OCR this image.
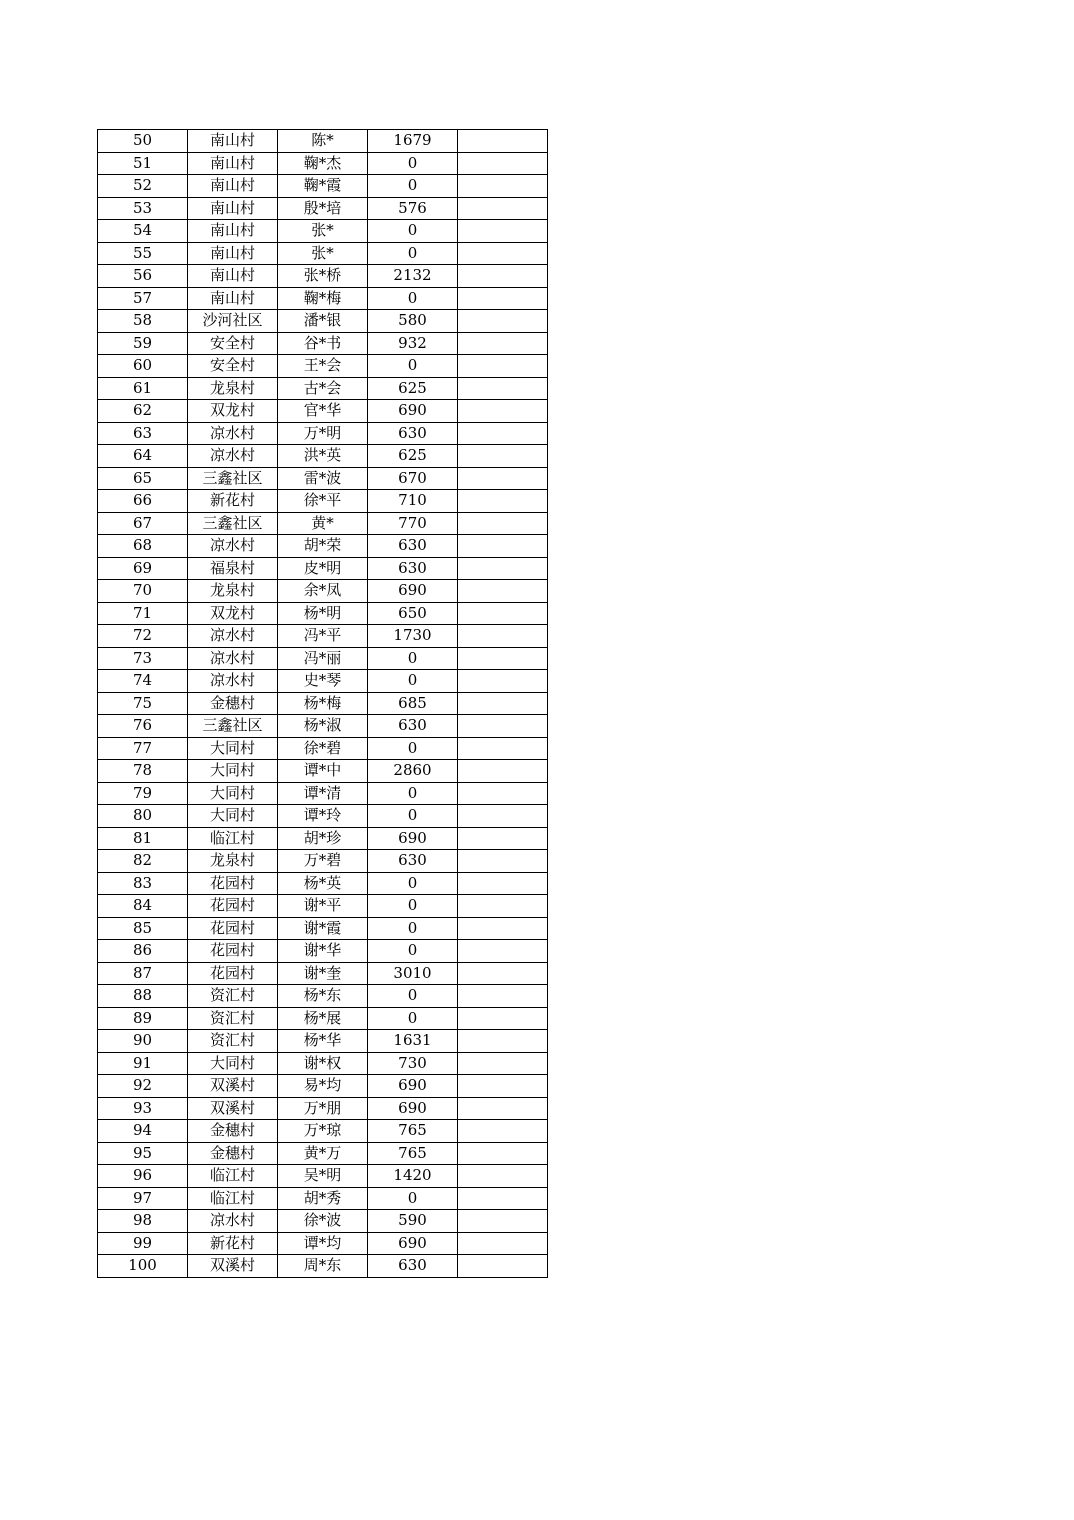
50	南山村	陈*	1679	
51	南山村	鞠*杰	0	
52	南山村	鞠*霞	0	
53	南山村	殷*培	576	
54	南山村	张*	0	
55	南山村	张*	0	
56	南山村	张*桥	2132	
57	南山村	鞠*梅	0	
58	沙河社区	潘*银	580	
59	安全村	谷*书	932	
60	安全村	王*会	0	
61	龙泉村	古*会	625	
62	双龙村	官*华	690	
63	凉水村	万*明	630	
64	凉水村	洪*英	625	
65	三鑫社区	雷*波	670	
66	新花村	徐*平	710	
67	三鑫社区	黄*	770	
68	凉水村	胡*荣	630	
69	福泉村	皮*明	630	
70	龙泉村	余*凤	690	
71	双龙村	杨*明	650	
72	凉水村	冯*平	1730	
73	凉水村	冯*丽	0	
74	凉水村	史*琴	0	
75	金穗村	杨*梅	685	
76	三鑫社区	杨*淑	630	
77	大同村	徐*碧	0	
78	大同村	谭*中	2860	
79	大同村	谭*清	0	
80	大同村	谭*玲	0	
81	临江村	胡*珍	690	
82	龙泉村	万*碧	630	
83	花园村	杨*英	0	
84	花园村	谢*平	0	
85	花园村	谢*霞	0	
86	花园村	谢*华	0	
87	花园村	谢*奎	3010	
88	资汇村	杨*东	0	
89	资汇村	杨*展	0	
90	资汇村	杨*华	1631	
91	大同村	谢*权	730	
92	双溪村	易*均	690	
93	双溪村	万*朋	690	
94	金穗村	万*琼	765	
95	金穗村	黄*万	765	
96	临江村	吴*明	1420	
97	临江村	胡*秀	0	
98	凉水村	徐*波	590	
99	新花村	谭*均	690	
100	双溪村	周*东	630	
